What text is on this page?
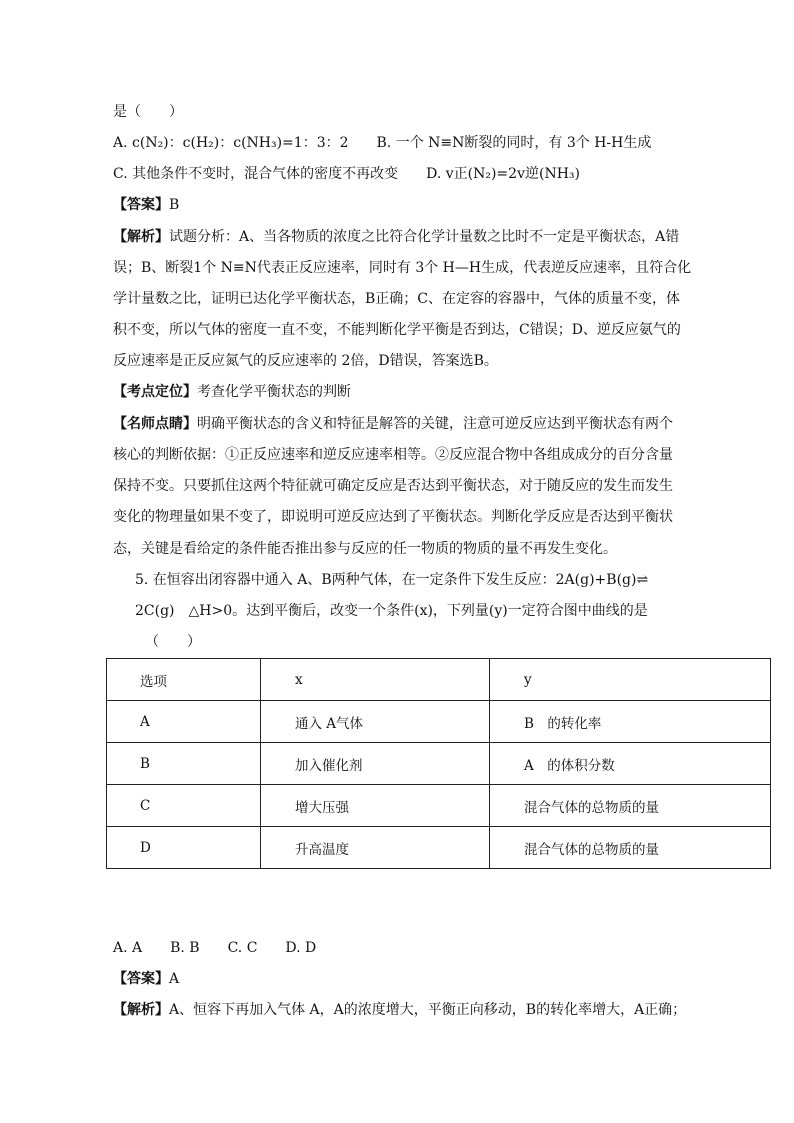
是（　　）
A. c(N₂)：c(H₂)：c(NH₃)=1：3：2　　B. 一个 N≡N断裂的同时，有 3个 H-H生成
C. 其他条件不变时，混合气体的密度不再改变　　D. v正(N₂)=2v逆(NH₃)
【答案】B
【解析】试题分析：A、当各物质的浓度之比符合化学计量数之比时不一定是平衡状态，A错
误；B、断裂1个 N≡N代表正反应速率，同时有 3个 H—H生成，代表逆反应速率，且符合化
学计量数之比，证明已达化学平衡状态，B正确；C、在定容的容器中，气体的质量不变，体
积不变，所以气体的密度一直不变，不能判断化学平衡是否到达，C错误；D、逆反应氨气的
反应速率是正反应氮气的反应速率的 2倍，D错误，答案选B。
【考点定位】考查化学平衡状态的判断
【名师点睛】明确平衡状态的含义和特征是解答的关键，注意可逆反应达到平衡状态有两个
核心的判断依据：①正反应速率和逆反应速率相等。②反应混合物中各组成成分的百分含量
保持不变。只要抓住这两个特征就可确定反应是否达到平衡状态，对于随反应的发生而发生
变化的物理量如果不变了，即说明可逆反应达到了平衡状态。判断化学反应是否达到平衡状
态，关键是看给定的条件能否推出参与反应的任一物质的物质的量不再发生变化。
5. 在恒容出闭容器中通入 A、B两种气体，在一定条件下发生反应：2A(g)+B(g)⇌
2C(g)　△H>0。达到平衡后，改变一个条件(x)，下列量(y)一定符合图中曲线的是
（　　）
选项	x	y
A	通入 A气体	B　的转化率
B	加入催化剂	A　的体积分数
C	增大压强	混合气体的总物质的量
D	升高温度	混合气体的总物质的量
A. A　　B. B　　C. C　　D. D
【答案】A
【解析】A、恒容下再加入气体 A，A的浓度增大，平衡正向移动，B的转化率增大，A正确；
